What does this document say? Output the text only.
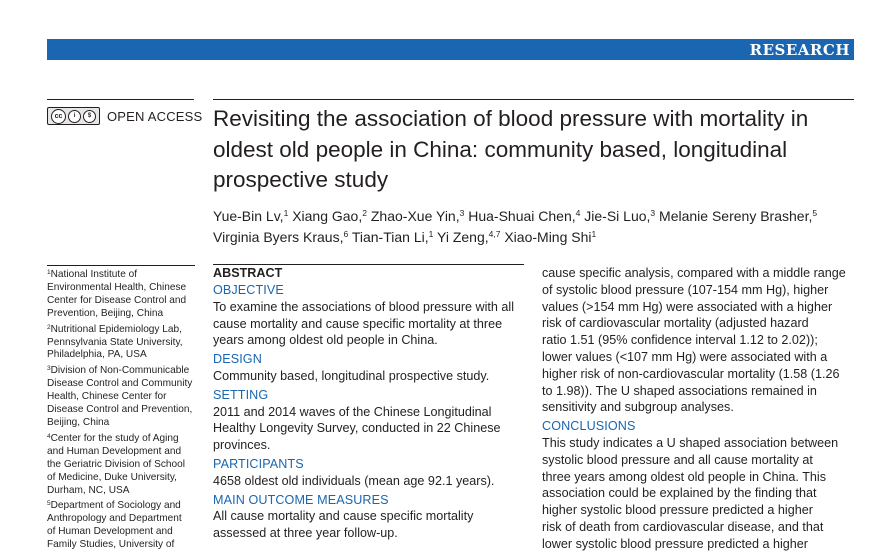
RESEARCH
cc	i	$	OPEN ACCESS Revisiting the association of blood pressure with mortality in
oldest old people in China: community based, longitudinal
prospective study

Yue-Bin Lv,$^1$ Xiang Gao,$^2$ Zhao-Xue Yin,$^3$ Hua-Shuai Chen,$^4$ Jie-Si Luo,$^3$ Melanie Sereny Brasher,$^5$
Virginia Byers Kraus,$^6$ Tian-Tian Li,$^1$ Yi Zeng,$^{4,7}$ Xiao-Ming Shi$^1$

$^1$National Institute of
Environmental Health, Chinese
Center for Disease Control and
Prevention, Beijing, China

$^2$Nutritional Epidemiology Lab,
Pennsylvania State University,
Philadelphia, PA, USA

$^3$Division of Non-Communicable
Disease Control and Community
Health, Chinese Center for
Disease Control and Prevention,
Beijing, China

$^4$Center for the study of Aging
and Human Development and
the Geriatric Division of School
of Medicine, Duke University,
Durham, NC, USA

$^5$Department of Sociology and
Anthropology and Department
of Human Development and
Family Studies, University of

ABSTRACT

OBJECTIVE

To examine the associations of blood pressure with all
cause mortality and cause specific mortality at three
years among oldest old people in China.

DESIGN

Community based, longitudinal prospective study.

SETTING

2011 and 2014 waves of the Chinese Longitudinal
Healthy Longevity Survey, conducted in 22 Chinese
provinces.

PARTICIPANTS

4658 oldest old individuals (mean age 92.1 years).

MAIN OUTCOME MEASURES

All cause mortality and cause specific mortality
assessed at three year follow-up.

cause specific analysis, compared with a middle range
of systolic blood pressure (107-154 mm Hg), higher
values (>154 mm Hg) were associated with a higher
risk of cardiovascular mortality (adjusted hazard
ratio 1.51 (95% confidence interval 1.12 to 2.02));
lower values (<107 mm Hg) were associated with a
higher risk of non-cardiovascular mortality (1.58 (1.26
to 1.98)). The U shaped associations remained in
sensitivity and subgroup analyses.

CONCLUSIONS

This study indicates a U shaped association between
systolic blood pressure and all cause mortality at
three years among oldest old people in China. This
association could be explained by the finding that
higher systolic blood pressure predicted a higher
risk of death from cardiovascular disease, and that
lower systolic blood pressure predicted a higher
